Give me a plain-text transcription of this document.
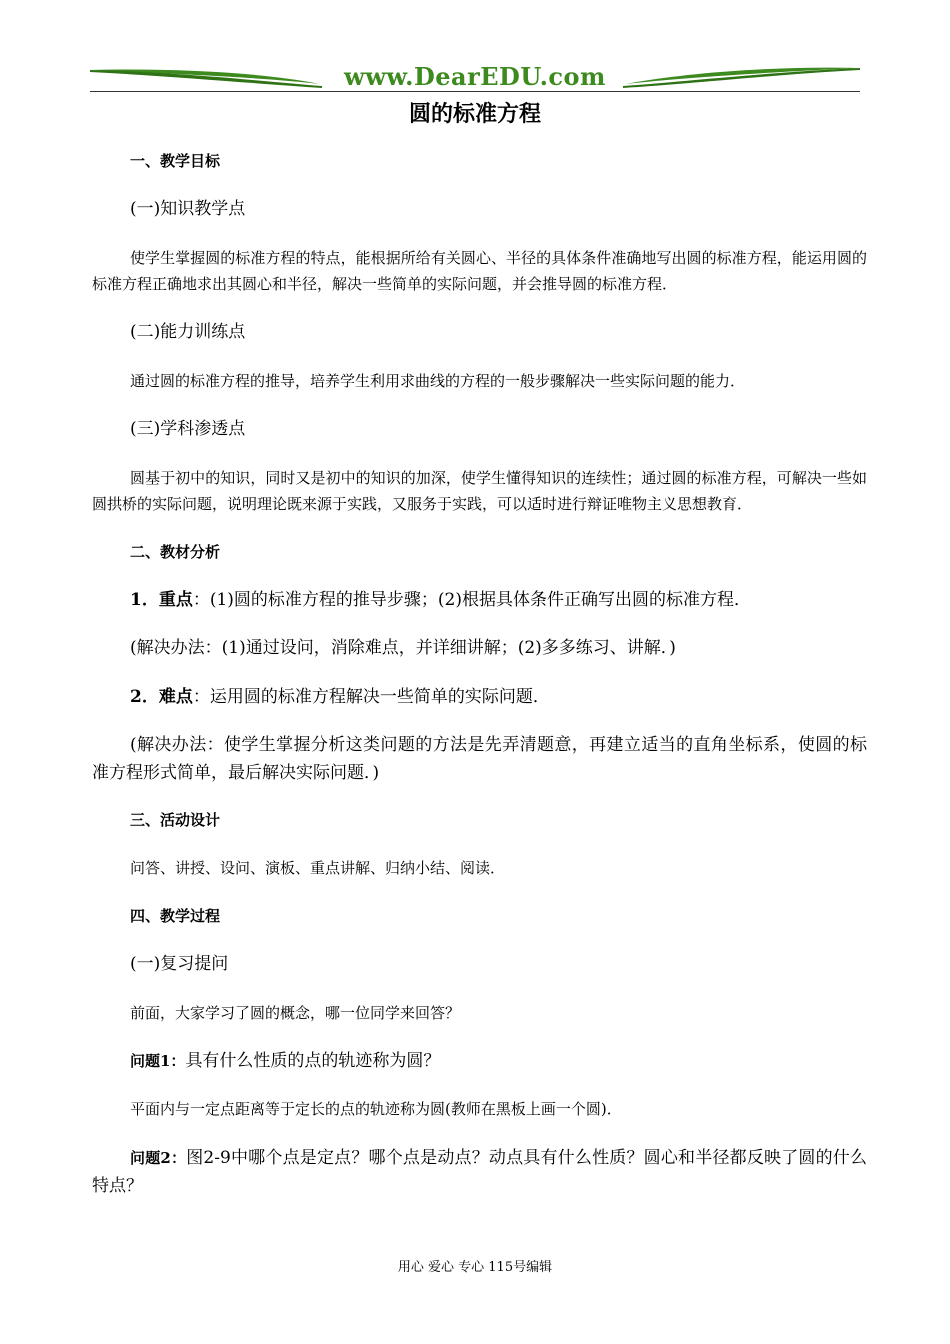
www.DearEDU.com
圆的标准方程
一、教学目标
(一)知识教学点
使学生掌握圆的标准方程的特点，能根据所给有关圆心、半径的具体条件准确地写出圆的标准方程，能运用圆的标准方程正确地求出其圆心和半径，解决一些简单的实际问题，并会推导圆的标准方程．
(二)能力训练点
通过圆的标准方程的推导，培养学生利用求曲线的方程的一般步骤解决一些实际问题的能力．
(三)学科渗透点
圆基于初中的知识，同时又是初中的知识的加深，使学生懂得知识的连续性；通过圆的标准方程，可解决一些如圆拱桥的实际问题，说明理论既来源于实践，又服务于实践，可以适时进行辩证唯物主义思想教育．
二、教材分析
1．重点：(1)圆的标准方程的推导步骤；(2)根据具体条件正确写出圆的标准方程．
(解决办法：(1)通过设问，消除难点，并详细讲解；(2)多多练习、讲解．)
2．难点：运用圆的标准方程解决一些简单的实际问题．
(解决办法：使学生掌握分析这类问题的方法是先弄清题意，再建立适当的直角坐标系，使圆的标准方程形式简单，最后解决实际问题．)
三、活动设计
问答、讲授、设问、演板、重点讲解、归纳小结、阅读．
四、教学过程
(一)复习提问
前面，大家学习了圆的概念，哪一位同学来回答？
问题1：具有什么性质的点的轨迹称为圆？
平面内与一定点距离等于定长的点的轨迹称为圆(教师在黑板上画一个圆)．
问题2：图2-9中哪个点是定点？哪个点是动点？动点具有什么性质？圆心和半径都反映了圆的什么特点？
用心 爱心 专心 115号编辑
